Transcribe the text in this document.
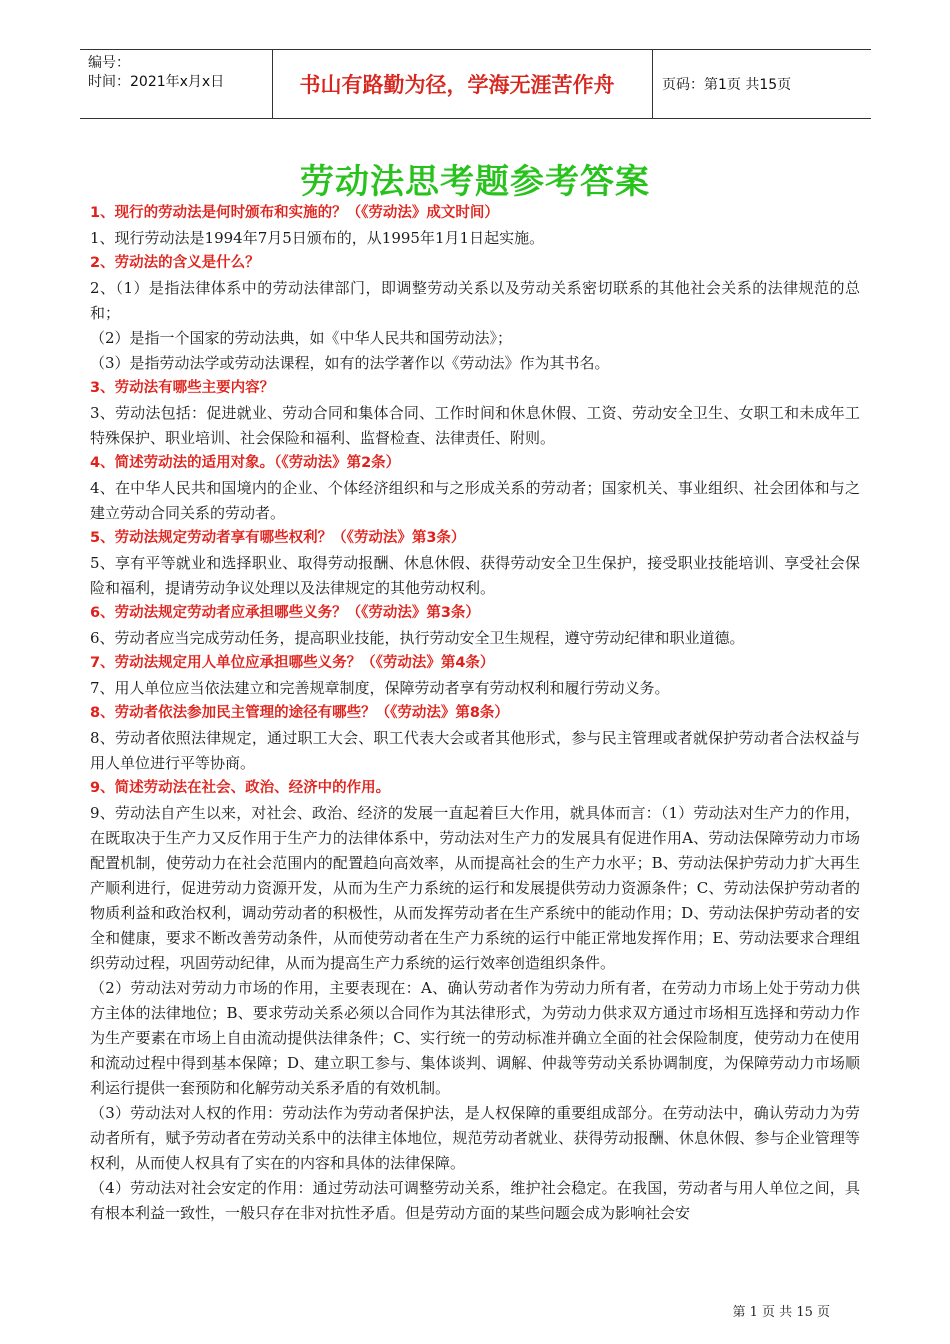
编号：
时间：2021年x月x日	书山有路勤为径，学海无涯苦作舟	页码：第1页 共15页
劳动法思考题参考答案

1、现行的劳动法是何时颁布和实施的？（《劳动法》成文时间）

1、现行劳动法是1994年7月5日颁布的，从1995年1月1日起实施。

2、劳动法的含义是什么？

2、（1）是指法律体系中的劳动法律部门，即调整劳动关系以及劳动关系密切联系的其他社会关系的法律规范的总和；

（2）是指一个国家的劳动法典，如《中华人民共和国劳动法》；

（3）是指劳动法学或劳动法课程，如有的法学著作以《劳动法》作为其书名。

3、劳动法有哪些主要内容？

3、劳动法包括：促进就业、劳动合同和集体合同、工作时间和休息休假、工资、劳动安全卫生、女职工和未成年工特殊保护、职业培训、社会保险和福利、监督检查、法律责任、附则。

4、简述劳动法的适用对象。（《劳动法》第2条）

4、在中华人民共和国境内的企业、个体经济组织和与之形成关系的劳动者；国家机关、事业组织、社会团体和与之建立劳动合同关系的劳动者。

5、劳动法规定劳动者享有哪些权利？（《劳动法》第3条）

5、享有平等就业和选择职业、取得劳动报酬、休息休假、获得劳动安全卫生保护，接受职业技能培训、享受社会保险和福利，提请劳动争议处理以及法律规定的其他劳动权利。

6、劳动法规定劳动者应承担哪些义务？（《劳动法》第3条）

6、劳动者应当完成劳动任务，提高职业技能，执行劳动安全卫生规程，遵守劳动纪律和职业道德。

7、劳动法规定用人单位应承担哪些义务？（《劳动法》第4条）

7、用人单位应当依法建立和完善规章制度，保障劳动者享有劳动权利和履行劳动义务。

8、劳动者依法参加民主管理的途径有哪些？（《劳动法》第8条）

8、劳动者依照法律规定，通过职工大会、职工代表大会或者其他形式，参与民主管理或者就保护劳动者合法权益与用人单位进行平等协商。

9、简述劳动法在社会、政治、经济中的作用。

9、劳动法自产生以来，对社会、政治、经济的发展一直起着巨大作用，就具体而言：（1）劳动法对生产力的作用，在既取决于生产力又反作用于生产力的法律体系中，劳动法对生产力的发展具有促进作用A、劳动法保障劳动力市场配置机制，使劳动力在社会范围内的配置趋向高效率，从而提高社会的生产力水平；B、劳动法保护劳动力扩大再生产顺利进行，促进劳动力资源开发，从而为生产力系统的运行和发展提供劳动力资源条件；C、劳动法保护劳动者的物质利益和政治权利，调动劳动者的积极性，从而发挥劳动者在生产系统中的能动作用；D、劳动法保护劳动者的安全和健康，要求不断改善劳动条件，从而使劳动者在生产力系统的运行中能正常地发挥作用；E、劳动法要求合理组织劳动过程，巩固劳动纪律，从而为提高生产力系统的运行效率创造组织条件。

（2）劳动法对劳动力市场的作用，主要表现在：A、确认劳动者作为劳动力所有者，在劳动力市场上处于劳动力供方主体的法律地位；B、要求劳动关系必须以合同作为其法律形式，为劳动力供求双方通过市场相互选择和劳动力作为生产要素在市场上自由流动提供法律条件；C、实行统一的劳动标准并确立全面的社会保险制度，使劳动力在使用和流动过程中得到基本保障；D、建立职工参与、集体谈判、调解、仲裁等劳动关系协调制度，为保障劳动力市场顺利运行提供一套预防和化解劳动关系矛盾的有效机制。

（3）劳动法对人权的作用：劳动法作为劳动者保护法，是人权保障的重要组成部分。在劳动法中，确认劳动力为劳动者所有，赋予劳动者在劳动关系中的法律主体地位，规范劳动者就业、获得劳动报酬、休息休假、参与企业管理等权利，从而使人权具有了实在的内容和具体的法律保障。

（4）劳动法对社会安定的作用：通过劳动法可调整劳动关系，维护社会稳定。在我国，劳动者与用人单位之间，具有根本利益一致性，一般只存在非对抗性矛盾。但是劳动方面的某些问题会成为影响社会安

第 1 页 共 15 页
